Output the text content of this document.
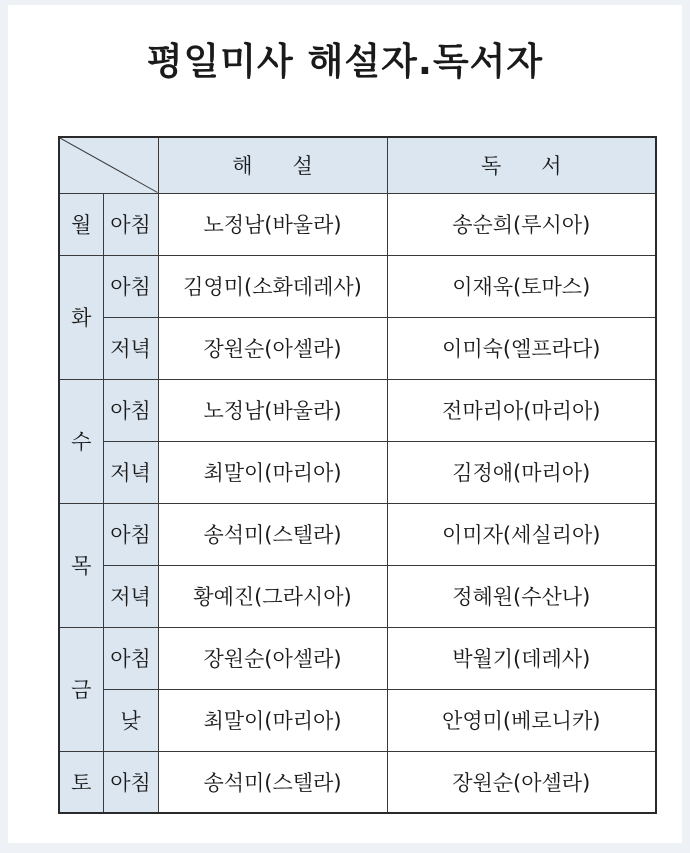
평일미사 해설자.독서자
	해      설	독      서
월	아침	노정남(바울라)	송순희(루시아)
화	아침	김영미(소화데레사)	이재욱(토마스)
	저녁	장원순(아셀라)	이미숙(엘프라다)
수	아침	노정남(바울라)	전마리아(마리아)
	저녁	최말이(마리아)	김정애(마리아)
목	아침	송석미(스텔라)	이미자(세실리아)
	저녁	황예진(그라시아)	정혜원(수산나)
금	아침	장원순(아셀라)	박월기(데레사)
	낮	최말이(마리아)	안영미(베로니카)
토	아침	송석미(스텔라)	장원순(아셀라)
